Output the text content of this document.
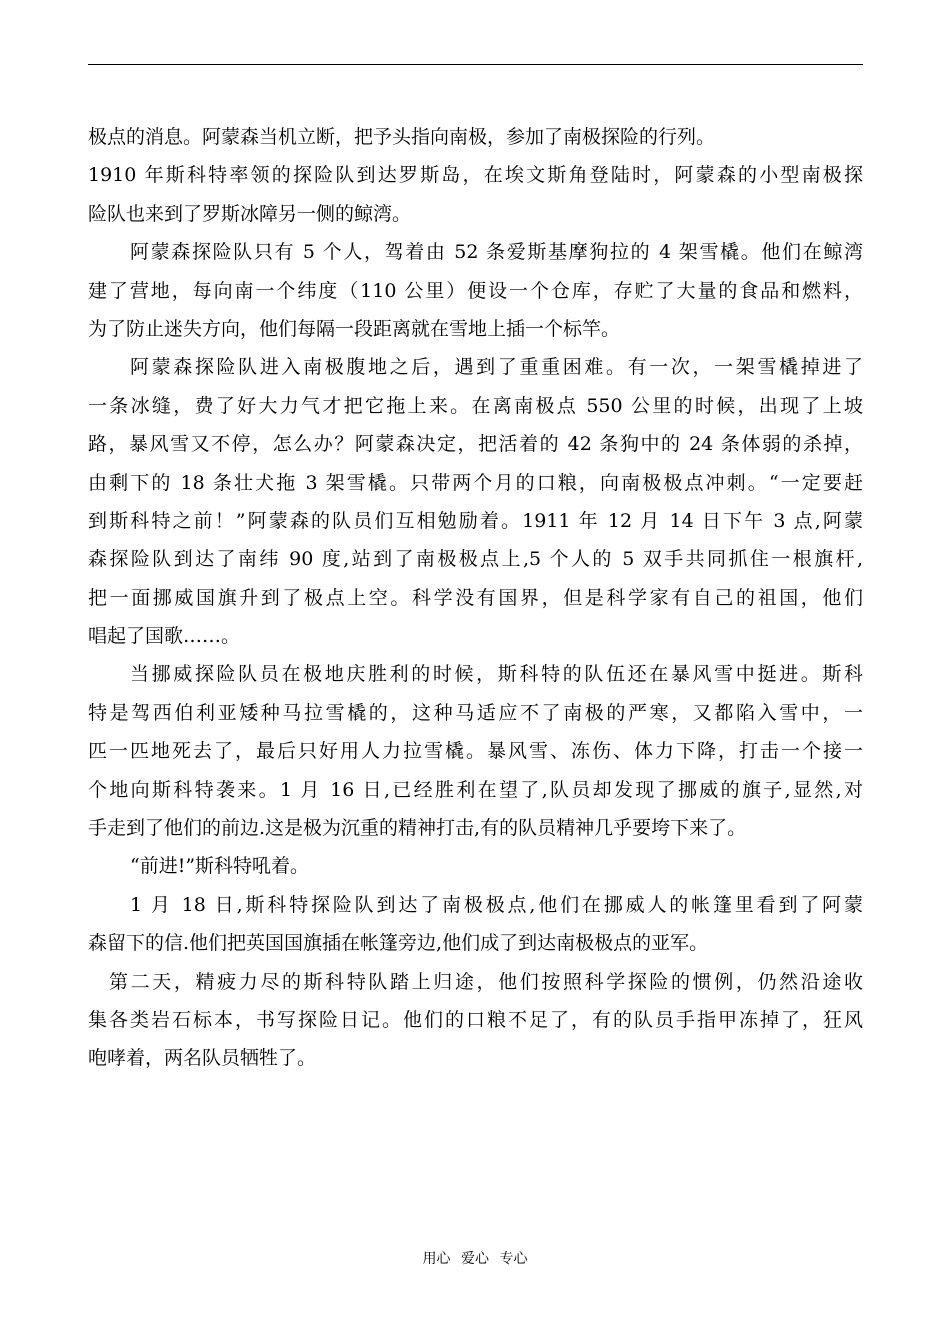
极点的消息。阿蒙森当机立断，把予头指向南极，参加了南极探险的行列。
1910 年斯科特率领的探险队到达罗斯岛，在埃文斯角登陆时，阿蒙森的小型南极探
险队也来到了罗斯冰障另一侧的鲸湾。
阿蒙森探险队只有 5 个人，驾着由 52 条爱斯基摩狗拉的 4 架雪橇。他们在鲸湾
建了营地，每向南一个纬度（110 公里）便设一个仓库，存贮了大量的食品和燃料，
为了防止迷失方向，他们每隔一段距离就在雪地上插一个标竿。
阿蒙森探险队进入南极腹地之后，遇到了重重困难。有一次，一架雪橇掉进了
一条冰缝，费了好大力气才把它拖上来。在离南极点 550 公里的时候，出现了上坡
路，暴风雪又不停，怎么办？阿蒙森决定，把活着的 42 条狗中的 24 条体弱的杀掉，
由剩下的 18 条壮犬拖 3 架雪橇。只带两个月的口粮，向南极极点冲刺。“一定要赶
到斯科特之前！”阿蒙森的队员们互相勉励着。1911 年 12 月 14 日下午 3 点,阿蒙
森探险队到达了南纬 90 度,站到了南极极点上,5 个人的 5 双手共同抓住一根旗杆,
把一面挪威国旗升到了极点上空。科学没有国界，但是科学家有自己的祖国，他们
唱起了国歌……。
当挪威探险队员在极地庆胜利的时候，斯科特的队伍还在暴风雪中挺进。斯科
特是驾西伯利亚矮种马拉雪橇的，这种马适应不了南极的严寒，又都陷入雪中，一
匹一匹地死去了，最后只好用人力拉雪橇。暴风雪、冻伤、体力下降，打击一个接一
个地向斯科特袭来。1 月 16 日,已经胜利在望了,队员却发现了挪威的旗子,显然,对
手走到了他们的前边.这是极为沉重的精神打击,有的队员精神几乎要垮下来了。
“前进!”斯科特吼着。
1 月 18 日,斯科特探险队到达了南极极点,他们在挪威人的帐篷里看到了阿蒙
森留下的信.他们把英国国旗插在帐篷旁边,他们成了到达南极极点的亚军。
第二天，精疲力尽的斯科特队踏上归途，他们按照科学探险的惯例，仍然沿途收
集各类岩石标本，书写探险日记。他们的口粮不足了，有的队员手指甲冻掉了，狂风
咆哮着，两名队员牺牲了。
用心 爱心 专心
